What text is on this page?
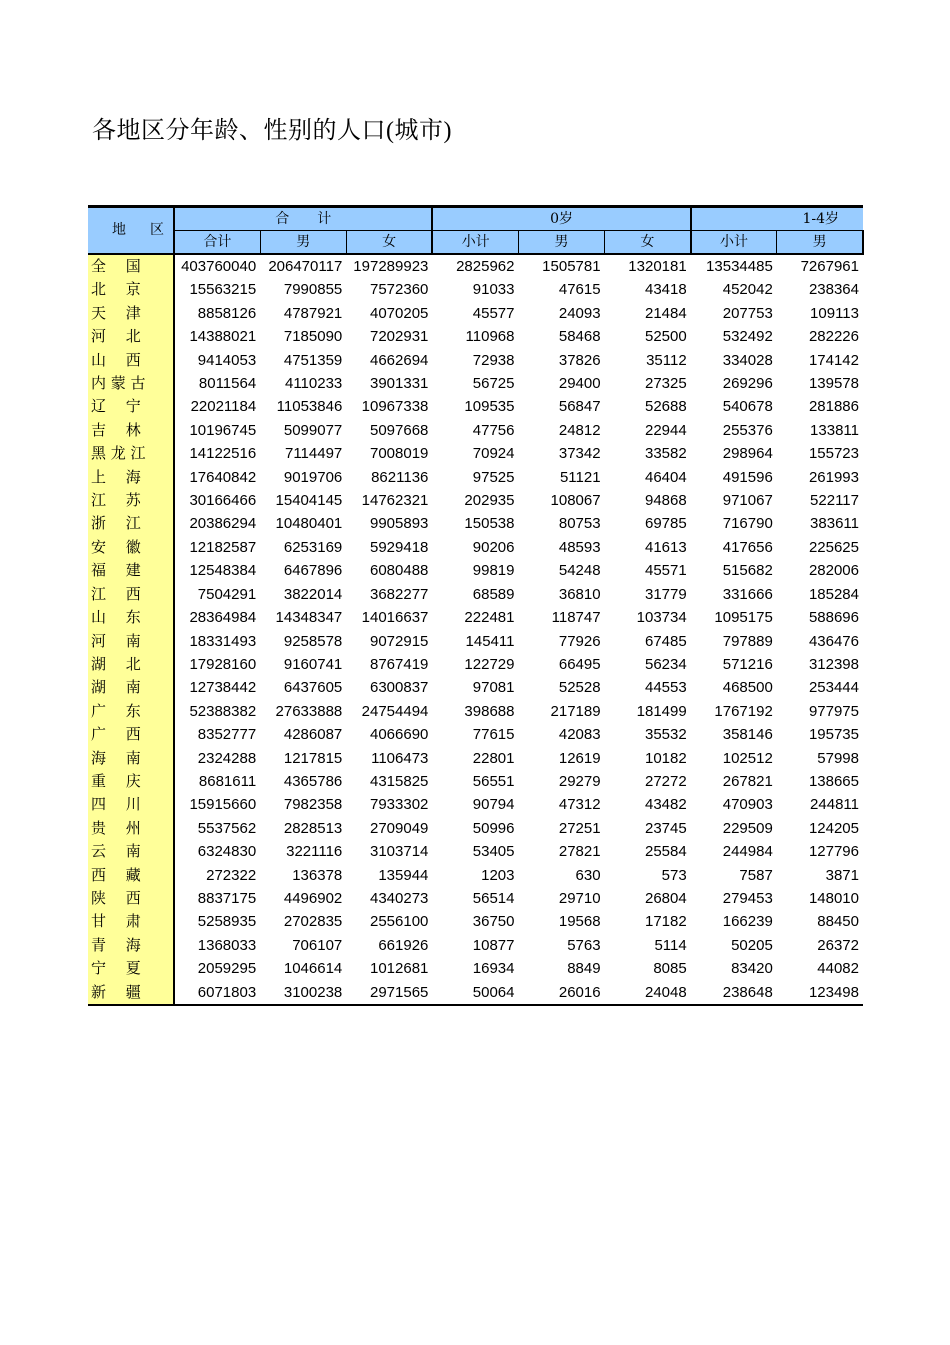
各地区分年龄、性别的人口(城市)
地区	合　　计			0岁			1-4岁	
	合计	男	女	小计	男	女	小计	男
全　 国	403760040	206470117	197289923	2825962	1505781	1320181	13534485	7267961
北　 京	15563215	7990855	7572360	91033	47615	43418	452042	238364
天　 津	8858126	4787921	4070205	45577	24093	21484	207753	109113
河　 北	14388021	7185090	7202931	110968	58468	52500	532492	282226
山　 西	9414053	4751359	4662694	72938	37826	35112	334028	174142
内 蒙 古	8011564	4110233	3901331	56725	29400	27325	269296	139578
辽　 宁	22021184	11053846	10967338	109535	56847	52688	540678	281886
吉　 林	10196745	5099077	5097668	47756	24812	22944	255376	133811
黑 龙 江	14122516	7114497	7008019	70924	37342	33582	298964	155723
上　 海	17640842	9019706	8621136	97525	51121	46404	491596	261993
江　 苏	30166466	15404145	14762321	202935	108067	94868	971067	522117
浙　 江	20386294	10480401	9905893	150538	80753	69785	716790	383611
安　 徽	12182587	6253169	5929418	90206	48593	41613	417656	225625
福　 建	12548384	6467896	6080488	99819	54248	45571	515682	282006
江　 西	7504291	3822014	3682277	68589	36810	31779	331666	185284
山　 东	28364984	14348347	14016637	222481	118747	103734	1095175	588696
河　 南	18331493	9258578	9072915	145411	77926	67485	797889	436476
湖　 北	17928160	9160741	8767419	122729	66495	56234	571216	312398
湖　 南	12738442	6437605	6300837	97081	52528	44553	468500	253444
广　 东	52388382	27633888	24754494	398688	217189	181499	1767192	977975
广　 西	8352777	4286087	4066690	77615	42083	35532	358146	195735
海　 南	2324288	1217815	1106473	22801	12619	10182	102512	57998
重　 庆	8681611	4365786	4315825	56551	29279	27272	267821	138665
四　 川	15915660	7982358	7933302	90794	47312	43482	470903	244811
贵　 州	5537562	2828513	2709049	50996	27251	23745	229509	124205
云　 南	6324830	3221116	3103714	53405	27821	25584	244984	127796
西　 藏	272322	136378	135944	1203	630	573	7587	3871
陕　 西	8837175	4496902	4340273	56514	29710	26804	279453	148010
甘　 肃	5258935	2702835	2556100	36750	19568	17182	166239	88450
青　 海	1368033	706107	661926	10877	5763	5114	50205	26372
宁　 夏	2059295	1046614	1012681	16934	8849	8085	83420	44082
新　 疆	6071803	3100238	2971565	50064	26016	24048	238648	123498
